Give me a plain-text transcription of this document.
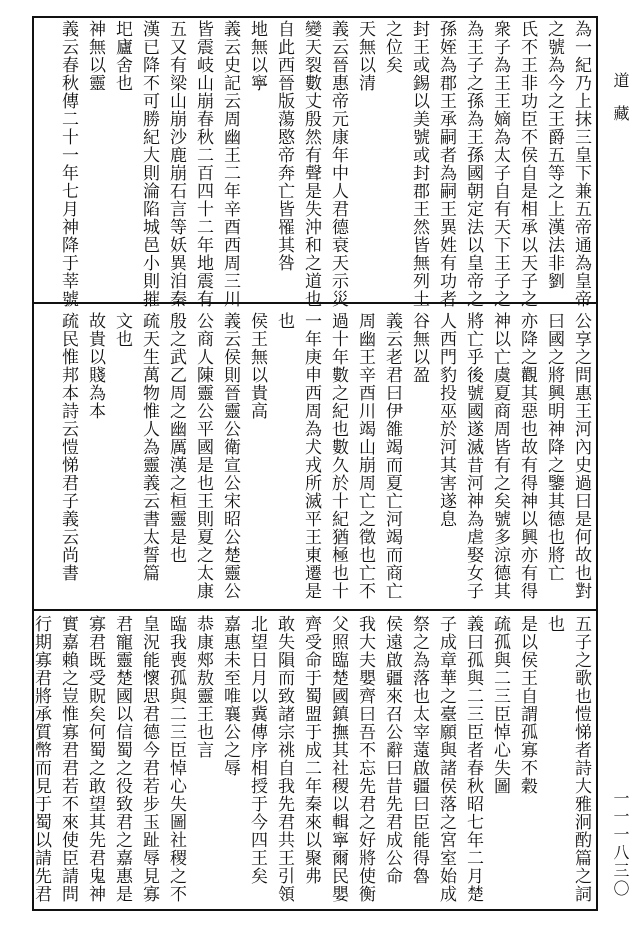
道 藏
一一一八三〇
為一紀乃上抹三皇下兼五帝通為皇帝
之號為今之王爵五等之上漢法非劉
氏不王非功臣不侯自是相承以天子之
衆子為王王嫡為太子自有天下王子之
為王子之孫為王孫國朝定法以皇帝之
孫姪為郡王承嗣者為嗣王異姓有功者
封王或錫以美號或封郡王然皆無列土
之位矣
天無以清
義云晉惠帝元康年中人君德衰天示災
變天裂數丈殷然有聲是失沖和之道也
自此西晉版蕩愍帝奔亡皆罹其咎
地無以寧
義云史記云周幽王二年辛酉西周三川
皆震岐山崩春秋二百四十二年地震有
五又有梁山崩沙鹿崩石言等妖異洎秦
漢已降不可勝紀大則淪陷城邑小則摧
圯廬舍也
神無以靈
義云春秋傳二十一年七月神降于莘號
公享之問惠王河內史過曰是何故也對
曰國之將興明神降之鑒其德也將亡
亦降之觀其惡也故有得神以興亦有得
神以亡虞夏商周皆有之矣號多涼德其
將亡乎後號國遂滅昔河神為虐娶女子
人西門豹投巫於河其害遂息
谷無以盈
義云老君曰伊雒竭而夏亡河竭而商亡
周幽王辛酉川竭山崩周亡之徵也亡不
過十年數之紀也數久於十紀猶極也十
一年庚申西周為犬戎所滅平王東遷是
也
侯王無以貴高
義云侯則晉靈公衛宣公宋昭公楚靈公
公商人陳靈公平國是也王則夏之太康
殷之武乙周之幽厲漢之桓靈是也
疏天生萬物惟人為靈義云書太誓篇
文也
故貴以賤為本
疏民惟邦本詩云愷悌君子義云尚書
五子之歌也愷悌者詩大雅泂酌篇之詞
也
是以侯王自謂孤寡不穀
疏孤與二三臣悼心失圖
義曰孤與二三臣者春秋昭七年二月楚
子成章華之臺願與諸侯落之宮室始成
祭之為落也太宰薳啟疆曰臣能得魯
侯遠啟疆來召公辭曰昔先君成公命
我大夫嬰齊曰吾不忘先君之好將使衡
父照臨楚國鎮撫其社稷以輯寧爾民嬰
齊受命于蜀盟于成二年秦來以聚弗
敢失隕而致諸宗祧自我先君共王引領
北望日月以冀傳序相授于今四王矣
嘉惠未至唯襄公之辱
恭康郟敖靈王也言
臨我喪孤與二三臣悼心失圖社稷之不
皇況能懷思君德今君若步玉趾辱見寡
君寵靈楚國以信蜀之役致君之嘉惠是
寡君既受貺矣何蜀之敢望其先君鬼神
實嘉賴之豈惟寡君君若不來使臣請問
行期寡君將承質幣而見于蜀以請先君
